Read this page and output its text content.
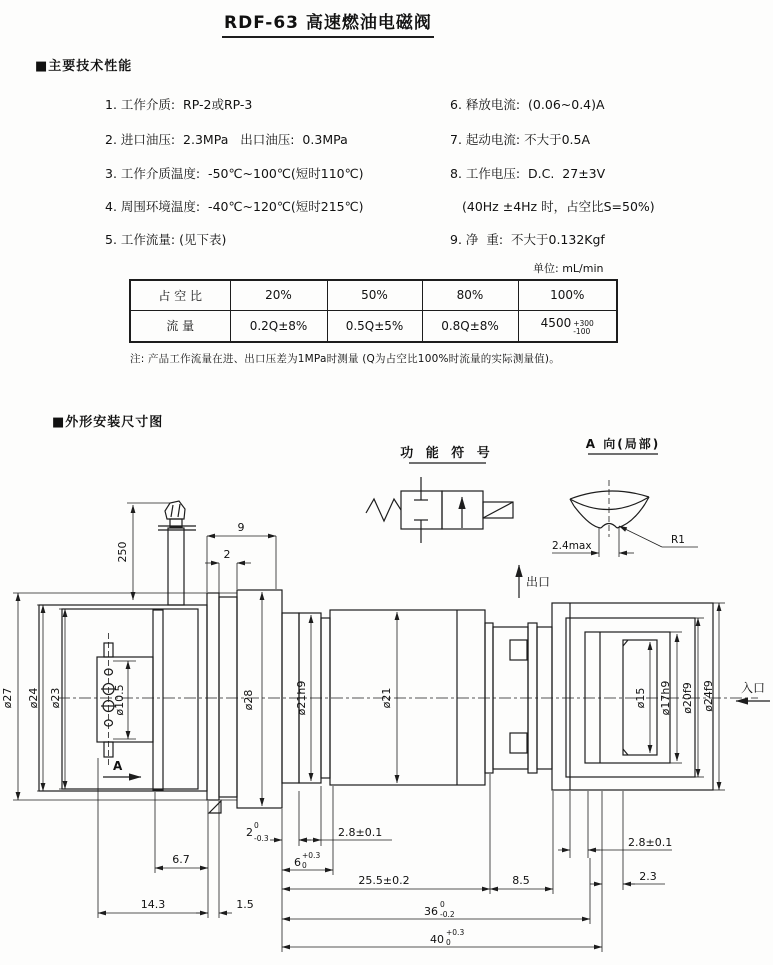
RDF-63 高速燃油电磁阀
■主要技术性能
1. 工作介质:  RP-2或RP-3
2. 进口油压:  2.3MPa   出口油压:  0.3MPa
3. 工作介质温度:  -50℃~100℃(短时110℃)
4. 周围环境温度:  -40℃~120℃(短时215℃)
5. 工作流量: (见下表)
6. 释放电流:  (0.06~0.4)A
7. 起动电流: 不大于0.5A
8. 工作电压:  D.C.  27±3V
(40Hz ±4Hz 时，占空比S=50%)
9. 净  重:  不大于0.132Kgf
单位: mL/min
占 空 比	20%	50%	80%	100%
流 量	0.2Q±8%	0.5Q±5%	0.8Q±8%	4500 +300
-100
注: 产品工作流量在进、出口压差为1MPa时测量 (Q为占空比100%时流量的实际测量值)。
■外形安装尺寸图
功 能 符 号
A 向(局部)
2.4max	R1
出口
入口
ø27 ø24 ø23	ø10.5
A
250
9
2
ø28	ø21h9	ø21	ø15 ø17h9 ø20f9 ø24f9
2
0
-0.3	2.8±0.1
6.7	6
+0.3
0
25.5±0.2	8.5
14.3	1.5
36
0
-0.2
40
+0.3
0
2.8±0.1
2.3
